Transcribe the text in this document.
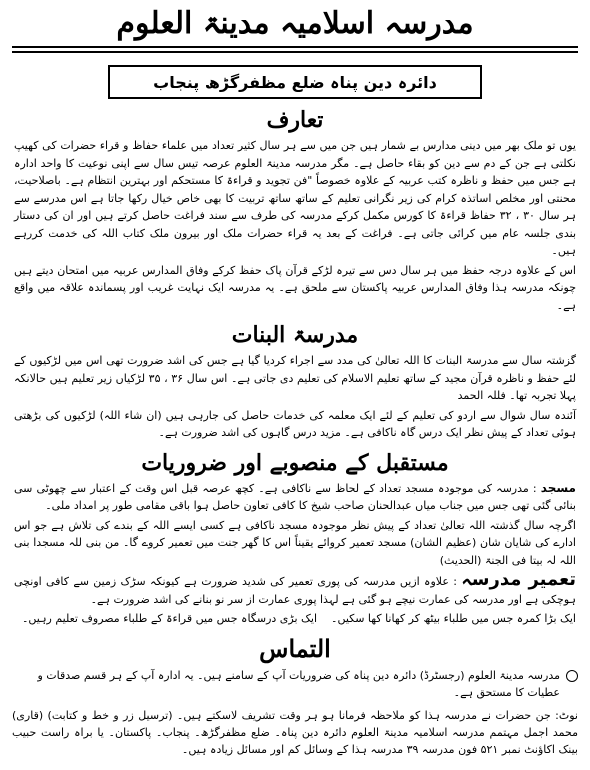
مدرسہ اسلامیہ مدینۃ العلوم
دائرہ دین پناہ ضلع مظفرگڑھ پنجاب
تعارف

یوں تو ملک بھر میں دینی مدارس بے شمار ہیں جن میں سے ہر سال کثیر تعداد میں علماء حفاظ و قراء حضرات کی کھیپ نکلتی ہے جن کے دم سے دین کو بقاء حاصل ہے۔ مگر مدرسہ مدینۃ العلوم عرصہ تیس سال سے اپنی نوعیت کا واحد ادارہ ہے جس میں حفظ و ناظرہ کتب عربیہ کے علاوہ خصوصاً "فن تجوید و قراءۃ کا مستحکم اور بہترین انتظام ہے۔ باصلاحیت، محنتی اور مخلص اساتذہ کرام کی زیر نگرانی تعلیم کے ساتھ ساتھ تربیت کا بھی خاص خیال رکھا جاتا ہے اس مدرسے سے ہر سال ۳۰ ، ۳۲ حفاظ قراءۃ کا کورس مکمل کرکے مدرسہ کی طرف سے سند فراغت حاصل کرتے ہیں اور ان کی دستار بندی جلسہ عام میں کرائی جاتی ہے۔ فراغت کے بعد یہ قراء حضرات ملک اور بیرون ملک کتاب اللہ کی خدمت کررہے ہیں۔

اس کے علاوہ درجہ حفظ میں ہر سال دس سے تیرہ لڑکے قرآن پاک حفظ کرکے وفاق المدارس عربیہ میں امتحان دیتے ہیں چونکہ مدرسہ ہذا وفاق المدارس عربیہ پاکستان سے ملحق ہے۔ یہ مدرسہ ایک نہایت غریب اور پسماندہ علاقہ میں واقع ہے۔

مدرسۃ البنات

گزشتہ سال سے مدرسۃ البنات کا اللہ تعالیٰ کی مدد سے اجراء کردیا گیا ہے جس کی اشد ضرورت تھی اس میں لڑکیوں کے لئے حفظ و ناظرہ قرآن مجید کے ساتھ تعلیم الاسلام کی تعلیم دی جاتی ہے۔ اس سال ۳۶ ، ۳۵ لڑکیاں زیر تعلیم ہیں حالانکہ پہلا تجربہ تھا۔ فللہ الحمد

آئندہ سال شوال سے اردو کی تعلیم کے لئے ایک معلمہ کی خدمات حاصل کی جارہی ہیں (ان شاء اللہ) لڑکیوں کی بڑھتی ہوئی تعداد کے پیش نظر ایک درس گاہ ناکافی ہے۔ مزید درس گاہوں کی اشد ضرورت ہے۔

مستقبل کے منصوبے اور ضروریات

مسجد : مدرسہ کی موجودہ مسجد تعداد کے لحاظ سے ناکافی ہے۔ کچھ عرصہ قبل اس وقت کے اعتبار سے چھوٹی سی بنائی گئی تھی جس میں جناب میاں عبدالحنان صاحب شیخ کا کافی تعاون حاصل ہوا باقی مقامی طور پر امداد ملی۔

اگرچہ سال گذشتہ اللہ تعالیٰ تعداد کے پیش نظر موجودہ مسجد ناکافی ہے کسی ایسے اللہ کے بندے کی تلاش ہے جو اس ادارے کی شایان شان (عظیم الشان) مسجد تعمیر کروائے یقیناً اس کا گھر جنت میں تعمیر کروے گا۔ من بنی للہ مسجدا بنی اللہ لہ بیتا فی الجنۃ (الحدیث)

تعمیر مدرسہ : علاوہ ازیں مدرسہ کی پوری تعمیر کی شدید ضرورت ہے کیونکہ سڑک زمین سے کافی اونچی ہوچکی ہے اور مدرسہ کی عمارت نیچے ہو گئی ہے لہذا پوری عمارت از سر نو بنانے کی اشد ضرورت ہے۔

ایک بڑا کمرہ جس میں طلباء بیٹھ کر کھانا کھا سکیں۔    ایک بڑی درسگاہ جس میں قراءۃ کے طلباء مصروف تعلیم رہیں۔

التماس
مدرسہ مدینۃ العلوم (رجسٹرڈ) دائرہ دین پناہ کی ضروریات آپ کے سامنے ہیں۔ یہ ادارہ آپ کے ہر قسم صدقات و عطیات کا مستحق ہے۔
نوٹ: جن حضرات نے مدرسہ ہذا کو ملاحظہ فرمانا ہو ہر وقت تشریف لاسکتے ہیں۔ (ترسیل زر و خط و کتابت) (قاری) محمد اجمل مہتمم مدرسہ اسلامیہ مدینۃ العلوم دائرہ دین پناہ۔ ضلع مظفرگڑھ۔ پنجاب۔ پاکستان۔ یا براہ راست حبیب بینک اکاؤنٹ نمبر ۵۲۱ فون مدرسہ ۳۹ مدرسہ ہذا کے وسائل کم اور مسائل زیادہ ہیں۔
